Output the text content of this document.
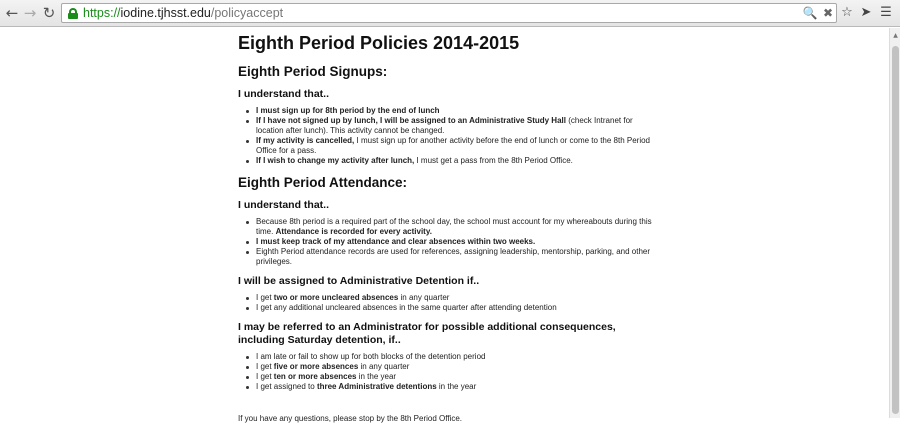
← → ↻ https://iodine.tjhsst.edu/policyaccept	🔍 ✖ ☆ ➤ ☰
Eighth Period Policies 2014-2015
Eighth Period Signups:
I understand that..
I must sign up for 8th period by the end of lunch
If I have not signed up by lunch, I will be assigned to an Administrative Study Hall (check Intranet for location after lunch). This activity cannot be changed.
If my activity is cancelled, I must sign up for another activity before the end of lunch or come to the 8th Period Office for a pass.
If I wish to change my activity after lunch, I must get a pass from the 8th Period Office.
Eighth Period Attendance:
I understand that..
Because 8th period is a required part of the school day, the school must account for my whereabouts during this time. Attendance is recorded for every activity.
I must keep track of my attendance and clear absences within two weeks.
Eighth Period attendance records are used for references, assigning leadership, mentorship, parking, and other privileges.
I will be assigned to Administrative Detention if..
I get two or more uncleared absences in any quarter
I get any additional uncleared absences in the same quarter after attending detention
I may be referred to an Administrator for possible additional consequences, including Saturday detention, if..
I am late or fail to show up for both blocks of the detention period
I get five or more absences in any quarter
I get ten or more absences in the year
I get assigned to three Administrative detentions in the year

If you have any questions, please stop by the 8th Period Office.

▲
